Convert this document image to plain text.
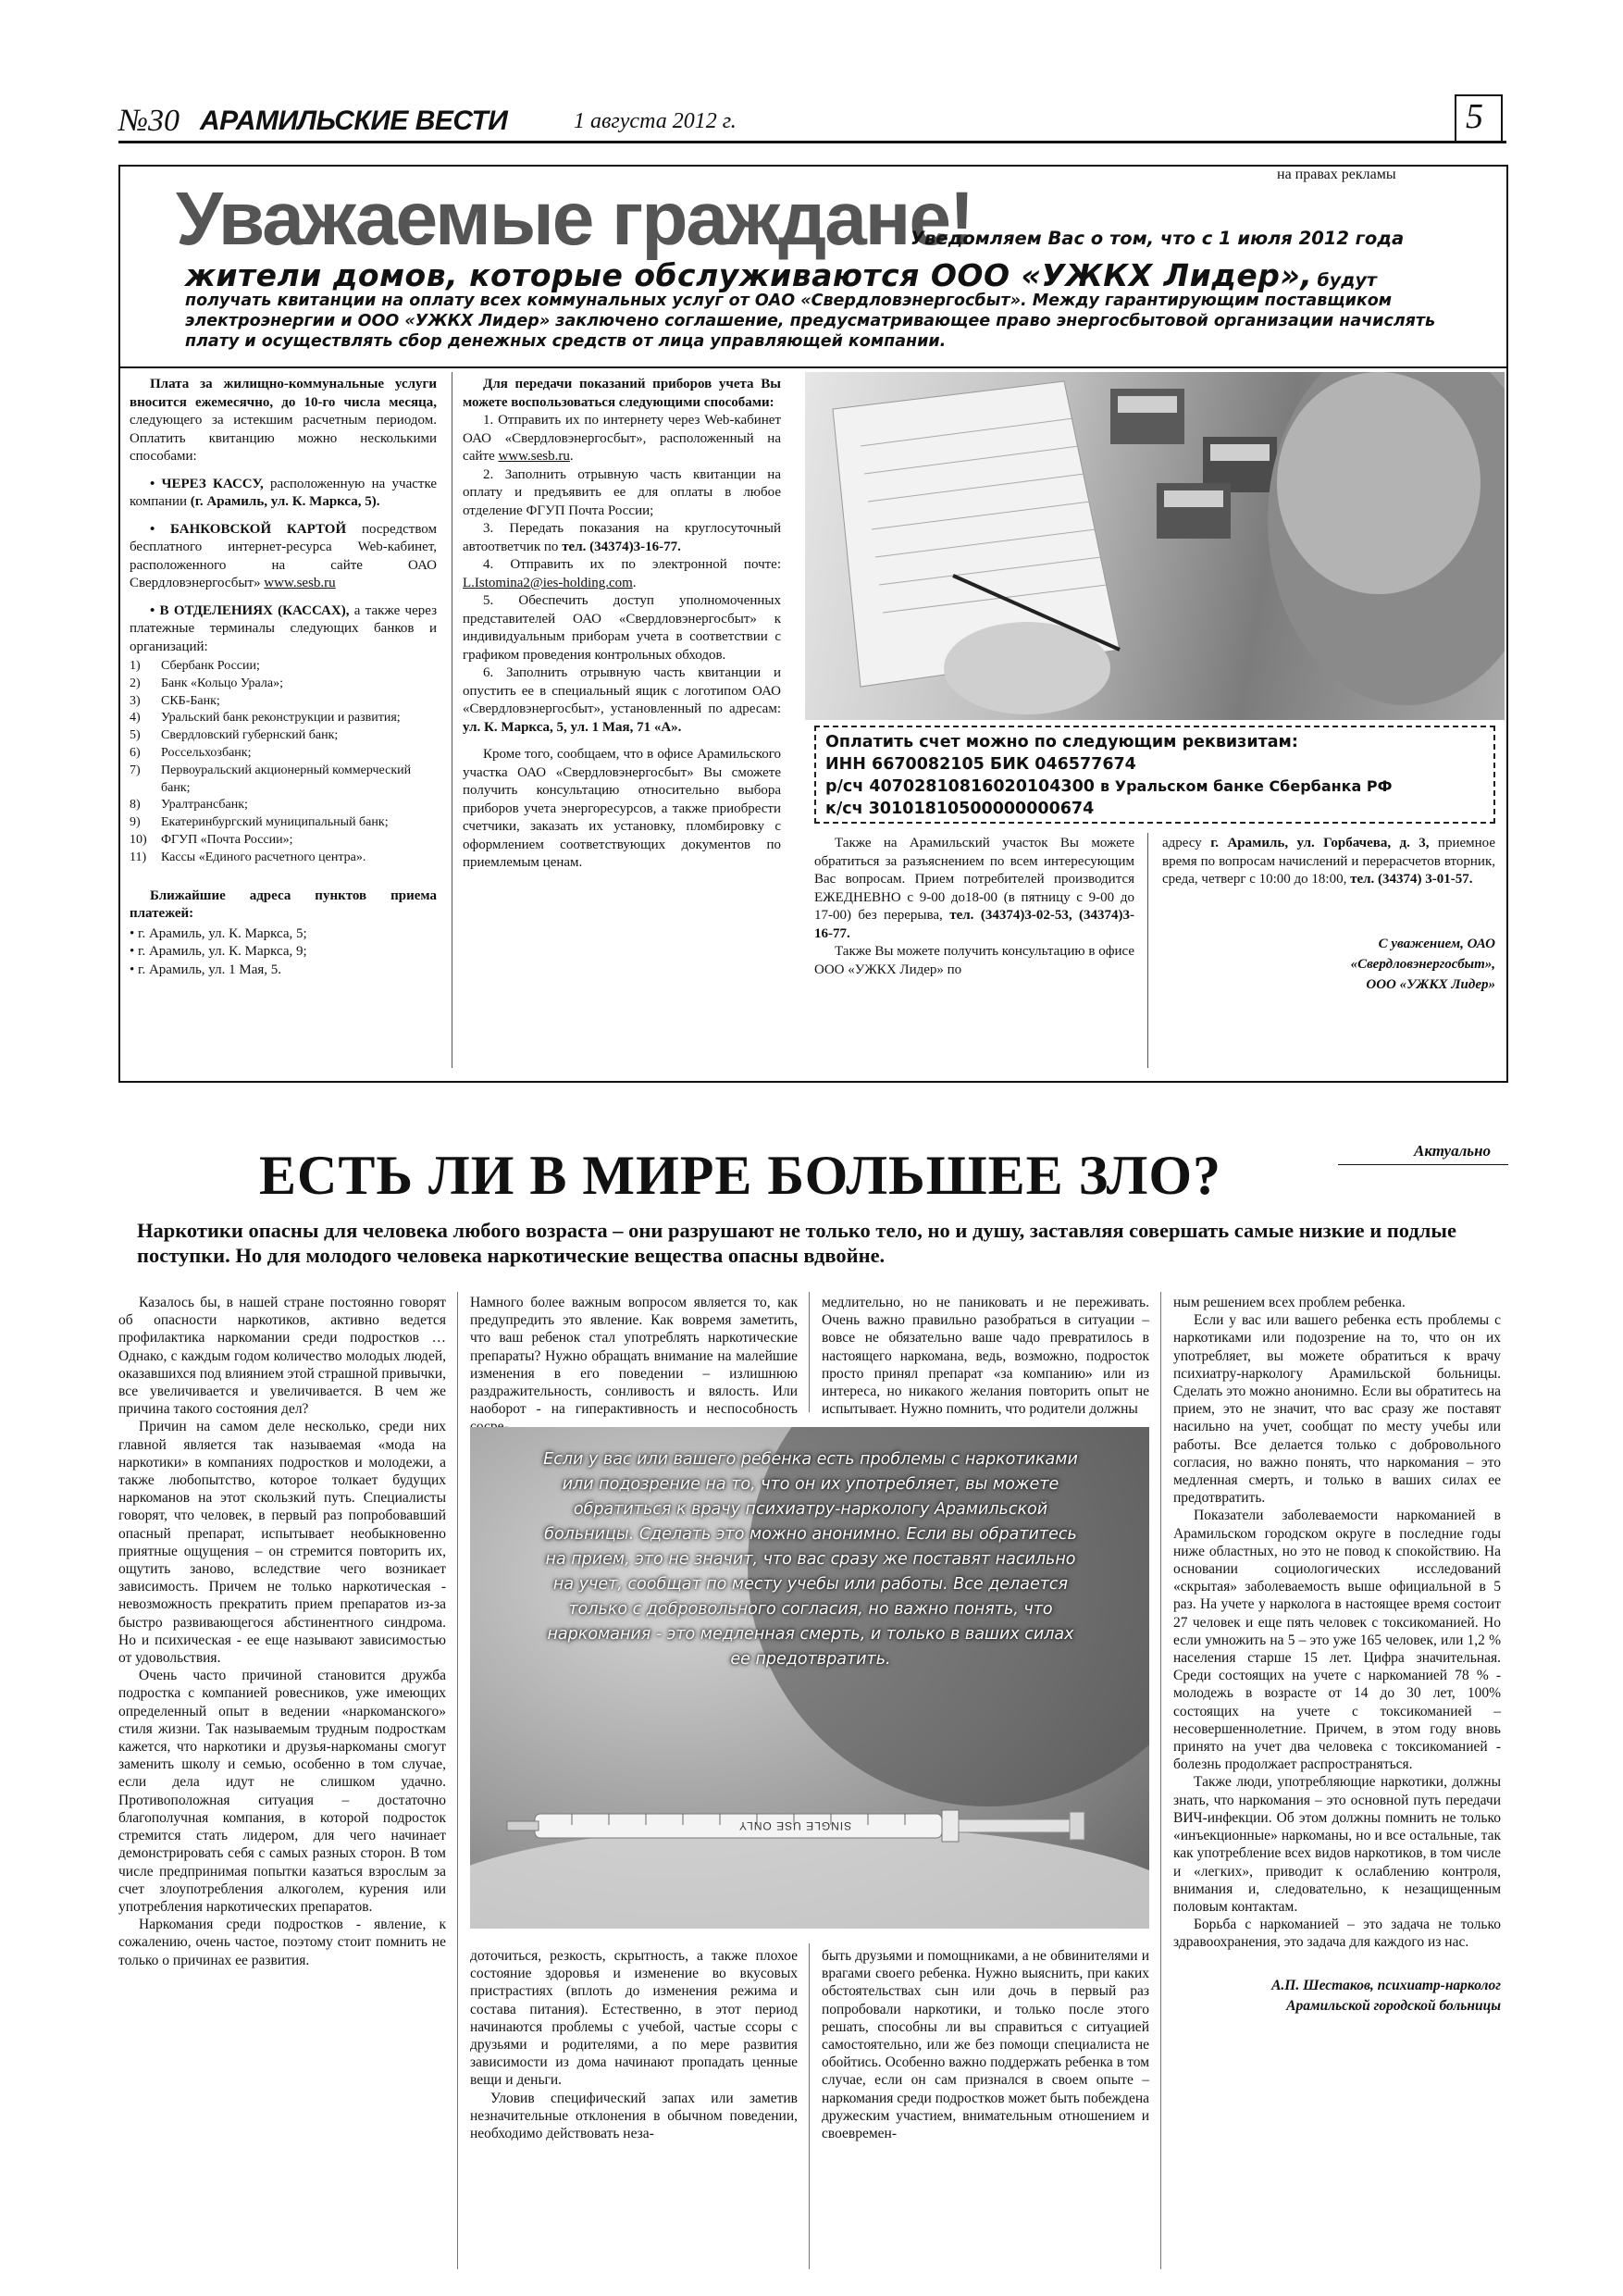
№30 АРАМИЛЬСКИЕ ВЕСТИ	1 августа 2012 г.	5
на правах рекламы
Уважаемые граждане!
Уведомляем Вас о том, что с 1 июля 2012 года
жители домов, которые обслуживаются ООО «УЖКХ Лидер», будут
получать квитанции на оплату всех коммунальных услуг от ОАО «Свердловэнергосбыт». Между гарантирующим поставщиком электроэнергии и ООО «УЖКХ Лидер» заключено соглашение, предусматривающее право энергосбытовой организации начислять плату и осуществлять сбор денежных средств от лица управляющей компании.

Плата за жилищно-коммунальные услуги вносится ежемесячно, до 10-го числа месяца, следующего за истекшим расчетным периодом. Оплатить квитанцию можно несколькими способами:

• ЧЕРЕЗ КАССУ, расположенную на участке компании (г. Арамиль, ул. К. Маркса, 5).

• БАНКОВСКОЙ КАРТОЙ посредством бесплатного интернет-ресурса Web-кабинет, расположенного на сайте ОАО Свердловэнергосбыт» www.sesb.ru

• В ОТДЕЛЕНИЯХ (КАССАХ), а также через платежные терминалы следующих банков и организаций:

1)	Сбербанк России;
2)	Банк «Кольцо Урала»;
3)	СКБ-Банк;
4)	Уральский банк реконструкции и развития;
5)	Свердловский губернский банк;
6)	Россельхозбанк;
7)	Первоуральский акционерный коммерческий банк;
8)	Уралтрансбанк;
9)	Екатеринбургский муниципальный банк;
10)	ФГУП «Почта России»;
11)	Кассы «Единого расчетного центра».

Ближайшие адреса пунктов приема платежей:

• г. Арамиль, ул. К. Маркса, 5;
• г. Арамиль, ул. К. Маркса, 9;
• г. Арамиль, ул. 1 Мая, 5.

Для передачи показаний приборов учета Вы можете воспользоваться следующими способами:

1. Отправить их по интернету через Web-кабинет ОАО «Свердловэнергосбыт», расположенный на сайте www.sesb.ru.

2. Заполнить отрывную часть квитанции на оплату и предъявить ее для оплаты в любое отделение ФГУП Почта России;

3. Передать показания на круглосуточный автоответчик по тел. (34374)3-16-77.

4. Отправить их по электронной почте: L.Istomina2@ies-holding.com.

5. Обеспечить доступ уполномоченных представителей ОАО «Свердловэнергосбыт» к индивидуальным приборам учета в соответствии с графиком проведения контрольных обходов.

6. Заполнить отрывную часть квитанции и опустить ее в специальный ящик с логотипом ОАО «Свердловэнергосбыт», установленный по адресам: ул. К. Маркса, 5, ул. 1 Мая, 71 «А».

Кроме того, сообщаем, что в офисе Арамильского участка ОАО «Свердловэнергосбыт» Вы сможете получить консультацию относительно выбора приборов учета энергоресурсов, а также приобрести счетчики, заказать их установку, пломбировку с оформлением соответствующих документов по приемлемым ценам.

Оплатить счет можно по следующим реквизитам:
ИНН 6670082105 БИК 046577674
р/сч 40702810816020104300 в Уральском банке Сбербанка РФ
к/сч 30101810500000000674

Также на Арамильский участок Вы можете обратиться за разъяснением по всем интересующим Вас вопросам. Прием потребителей производится ЕЖЕДНЕВНО с 9-00 до18-00 (в пятницу с 9-00 до 17-00) без перерыва, тел. (34374)3-02-53, (34374)3-16-77.

Также Вы можете получить консультацию в офисе ООО «УЖКХ Лидер» по

адресу г. Арамиль, ул. Горбачева, д. 3, приемное время по вопросам начислений и перерасчетов вторник, среда, четверг с 10:00 до 18:00, тел. (34374) 3-01-57.

С уважением, ОАО
«Свердловэнергосбыт»,
ООО «УЖКХ Лидер»
Актуально
ЕСТЬ ЛИ В МИРЕ БОЛЬШЕЕ ЗЛО?
Наркотики опасны для человека любого возраста – они разрушают не только тело, но и душу, заставляя совершать самые низкие и подлые поступки. Но для молодого человека наркотические вещества опасны вдвойне.

Казалось бы, в нашей стране постоянно говорят об опасности наркотиков, активно ведется профилактика наркомании среди подростков … Однако, с каждым годом количество молодых людей, оказавшихся под влиянием этой страшной привычки, все увеличивается и увеличивается. В чем же причина такого состояния дел?

Причин на самом деле несколько, среди них главной является так называемая «мода на наркотики» в компаниях подростков и молодежи, а также любопытство, которое толкает будущих наркоманов на этот скользкий путь. Специалисты говорят, что человек, в первый раз попробовавший опасный препарат, испытывает необыкновенно приятные ощущения – он стремится повторить их, ощутить заново, вследствие чего возникает зависимость. Причем не только наркотическая - невозможность прекратить прием препаратов из-за быстро развивающегося абстинентного синдрома. Но и психическая - ее еще называют зависимостью от удовольствия.

Очень часто причиной становится дружба подростка с компанией ровесников, уже имеющих определенный опыт в ведении «наркоманского» стиля жизни. Так называемым трудным подросткам кажется, что наркотики и друзья-наркоманы смогут заменить школу и семью, особенно в том случае, если дела идут не слишком удачно. Противоположная ситуация – достаточно благополучная компания, в которой подросток стремится стать лидером, для чего начинает демонстрировать себя с самых разных сторон. В том числе предпринимая попытки казаться взрослым за счет злоупотребления алкоголем, курения или употребления наркотических препаратов.

Наркомания среди подростков - явление, к сожалению, очень частое, поэтому стоит помнить не только о причинах ее развития.

Намного более важным вопросом является то, как предупредить это явление. Как вовремя заметить, что ваш ребенок стал употреблять наркотические препараты? Нужно обращать внимание на малейшие изменения в его поведении – излишнюю раздражительность, сонливость и вялость. Или наоборот - на гиперактивность и неспособность

медлительно, но не паниковать и не переживать. Очень важно правильно разобраться в ситуации – вовсе не обязательно ваше чадо превратилось в настоящего наркомана, ведь, возможно, подросток просто принял препарат «за компанию» или из интереса, но никакого желания повторить опыт не испытывает. Нужно помнить, что родители должны

ным решением всех проблем ребенка.

Если у вас или вашего ребенка есть проблемы с наркотиками или подозрение на то, что он их употребляет, вы можете обратиться к врачу психиатру-наркологу Арамильской больницы. Сделать это можно анонимно. Если вы обратитесь на прием, это не значит, что вас сразу же поставят насильно на учет, сообщат по месту учебы или работы. Все делается только с добровольного согласия, но важно понять, что наркомания – это медленная смерть, и только в ваших силах ее предотвратить.

Показатели заболеваемости наркоманией в Арамильском городском округе в последние годы ниже областных, но это не повод к спокойствию. На основании социологических исследований «скрытая» заболеваемость выше официальной в 5 раз. На учете у нарколога в настоящее время состоит 27 человек и еще пять человек с токсикоманией. Но если умножить на 5 – это уже 165 человек, или 1,2 % населения старше 15 лет. Цифра значительная. Среди состоящих на учете с наркоманией 78 % - молодежь в возрасте от 14 до 30 лет, 100% состоящих на учете с токсикоманией – несовершеннолетние. Причем, в этом году вновь принято на учет два человека с токсикоманией - болезнь продолжает распространяться.

Также люди, употребляющие наркотики, должны знать, что наркомания – это основной путь передачи ВИЧ-инфекции. Об этом должны помнить не только «инъекционные» наркоманы, но и все остальные, так как употребление всех видов наркотиков, в том числе и «легких», приводит к ослаблению контроля, внимания и, следовательно, к незащищенным половым контактам.

Борьба с наркоманией – это задача не только здравоохранения, это задача для каждого из нас.

А.П. Шестаков, психиатр-нарколог
Арамильской городской больницы
SINGLE USE ONLY
Если у вас или вашего ребенка есть проблемы с наркотиками или подозрение на то, что он их употребляет, вы можете обратиться к врачу психиатру-наркологу Арамильской больницы. Сделать это можно анонимно. Если вы обратитесь на прием, это не значит, что вас сразу же поставят насильно на учет, сообщат по месту учебы или работы. Все делается только с добровольного согласия, но важно понять, что наркомания - это медленная смерть, и только в ваших силах ее предотвратить.

доточиться, резкость, скрытность, а также плохое состояние здоровья и изменение во вкусовых пристрастиях (вплоть до изменения режима и состава питания). Естественно, в этот период начинаются проблемы с учебой, частые ссоры с друзьями и родителями, а по мере развития зависимости из дома начинают пропадать ценные вещи и деньги.

Уловив специфический запах или заметив незначительные отклонения в обычном поведении, необходимо действовать неза-

быть друзьями и помощниками, а не обвинителями и врагами своего ребенка. Нужно выяснить, при каких обстоятельствах сын или дочь в первый раз попробовали наркотики, и только после этого решать, способны ли вы справиться с ситуацией самостоятельно, или же без помощи специалиста не обойтись. Особенно важно поддержать ребенка в том случае, если он сам признался в своем опыте – наркомания среди подростков может быть побеждена дружеским участием, внимательным отношением и своевремен-
